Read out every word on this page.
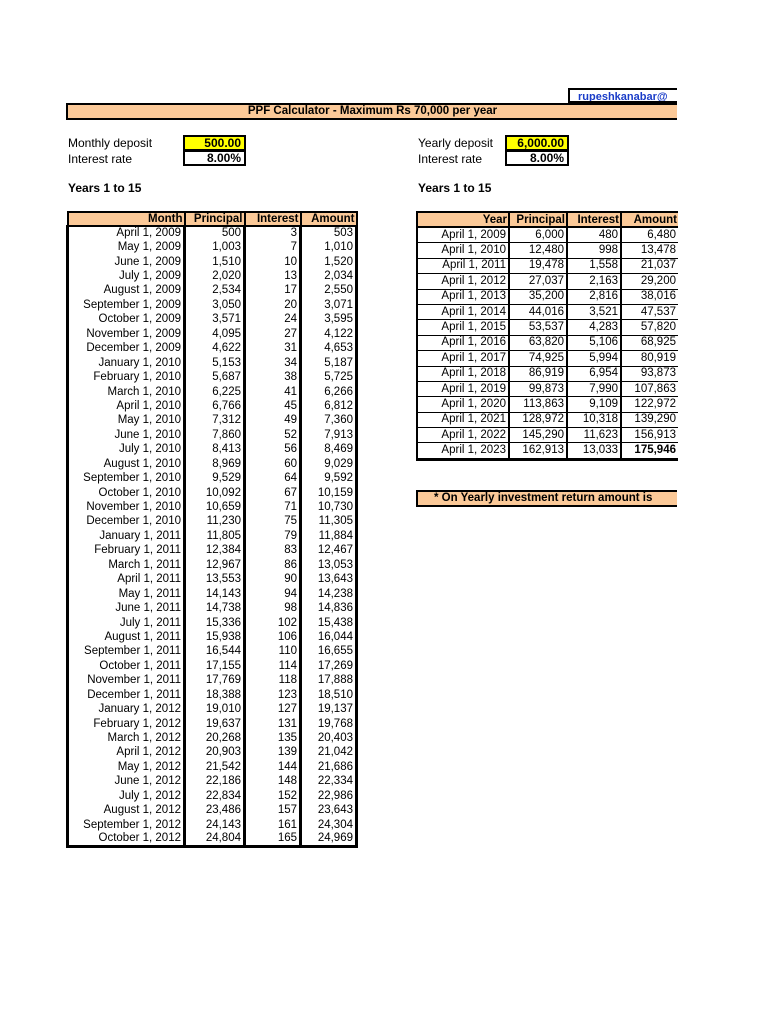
rupeshkanabar@
PPF Calculator - Maximum Rs 70,000 per year
Monthly deposit	500.00
Interest rate	8.00%
Yearly deposit	6,000.00
Interest rate	8.00%
Years 1 to 15	Years 1 to 15
Month	Principal	Interest	Amount
April 1, 2009	500	3	503
May 1, 2009	1,003	7	1,010
June 1, 2009	1,510	10	1,520
July 1, 2009	2,020	13	2,034
August 1, 2009	2,534	17	2,550
September 1, 2009	3,050	20	3,071
October 1, 2009	3,571	24	3,595
November 1, 2009	4,095	27	4,122
December 1, 2009	4,622	31	4,653
January 1, 2010	5,153	34	5,187
February 1, 2010	5,687	38	5,725
March 1, 2010	6,225	41	6,266
April 1, 2010	6,766	45	6,812
May 1, 2010	7,312	49	7,360
June 1, 2010	7,860	52	7,913
July 1, 2010	8,413	56	8,469
August 1, 2010	8,969	60	9,029
September 1, 2010	9,529	64	9,592
October 1, 2010	10,092	67	10,159
November 1, 2010	10,659	71	10,730
December 1, 2010	11,230	75	11,305
January 1, 2011	11,805	79	11,884
February 1, 2011	12,384	83	12,467
March 1, 2011	12,967	86	13,053
April 1, 2011	13,553	90	13,643
May 1, 2011	14,143	94	14,238
June 1, 2011	14,738	98	14,836
July 1, 2011	15,336	102	15,438
August 1, 2011	15,938	106	16,044
September 1, 2011	16,544	110	16,655
October 1, 2011	17,155	114	17,269
November 1, 2011	17,769	118	17,888
December 1, 2011	18,388	123	18,510
January 1, 2012	19,010	127	19,137
February 1, 2012	19,637	131	19,768
March 1, 2012	20,268	135	20,403
April 1, 2012	20,903	139	21,042
May 1, 2012	21,542	144	21,686
June 1, 2012	22,186	148	22,334
July 1, 2012	22,834	152	22,986
August 1, 2012	23,486	157	23,643
September 1, 2012	24,143	161	24,304
October 1, 2012	24,804	165	24,969
Year	Principal	Interest	Amount
April 1, 2009	6,000	480	6,480
April 1, 2010	12,480	998	13,478
April 1, 2011	19,478	1,558	21,037
April 1, 2012	27,037	2,163	29,200
April 1, 2013	35,200	2,816	38,016
April 1, 2014	44,016	3,521	47,537
April 1, 2015	53,537	4,283	57,820
April 1, 2016	63,820	5,106	68,925
April 1, 2017	74,925	5,994	80,919
April 1, 2018	86,919	6,954	93,873
April 1, 2019	99,873	7,990	107,863
April 1, 2020	113,863	9,109	122,972
April 1, 2021	128,972	10,318	139,290
April 1, 2022	145,290	11,623	156,913
April 1, 2023	162,913	13,033	175,946
* On Yearly investment return amount is
